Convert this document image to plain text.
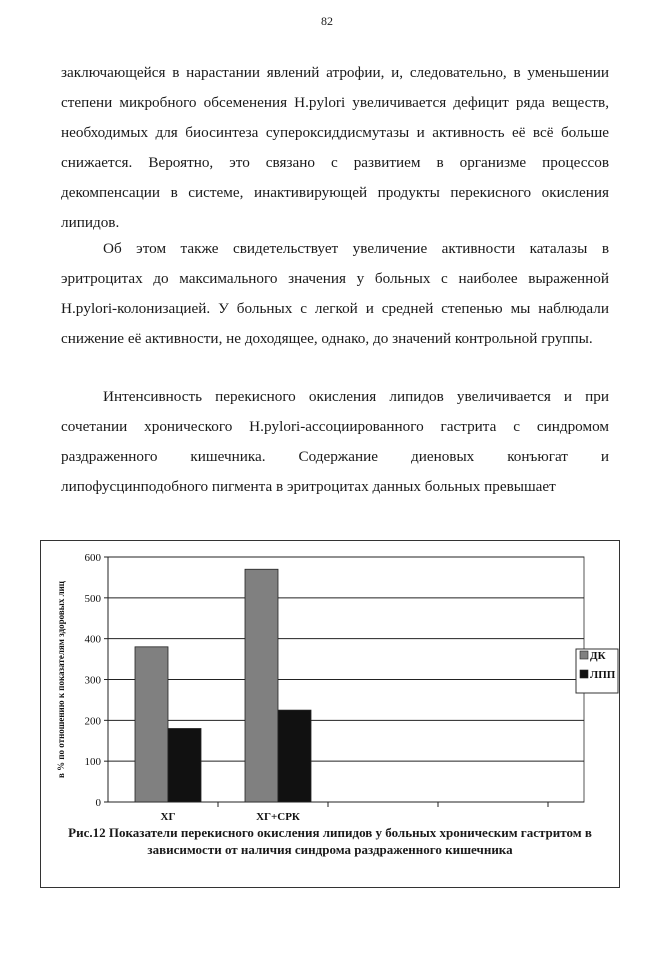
82

заключающейся в нарастании явлений атрофии, и, следовательно, в уменьшении степени микробного обсеменения H.pylori увеличивается дефицит ряда веществ, необходимых для биосинтеза супероксиддисмутазы и активность её всё больше снижается. Вероятно, это связано с развитием в организме процессов декомпенсации в системе, инактивирующей продукты перекисного окисления липидов.

Об этом также свидетельствует увеличение активности каталазы в эритроцитах до максимального значения у больных с наиболее выраженной H.pylori-колонизацией. У больных с легкой и средней степенью мы наблюдали снижение её активности, не доходящее, однако, до значений контрольной группы.

Интенсивность перекисного окисления липидов увеличивается и при сочетании хронического H.pylori-ассоциированного гастрита с синдромом раздраженного кишечника. Содержание диеновых конъюгат и липофусцинподобного пигмента в эритроцитах данных больных превышает

0
100
200
300
400
500
600
в % по отношению к показателям здоровых лиц
ХГ	ХГ+СРК
ДК
ЛПП
Рис.12 Показатели перекисного окисления липидов у больных хроническим гастритом в зависимости от наличия синдрома раздраженного кишечника
